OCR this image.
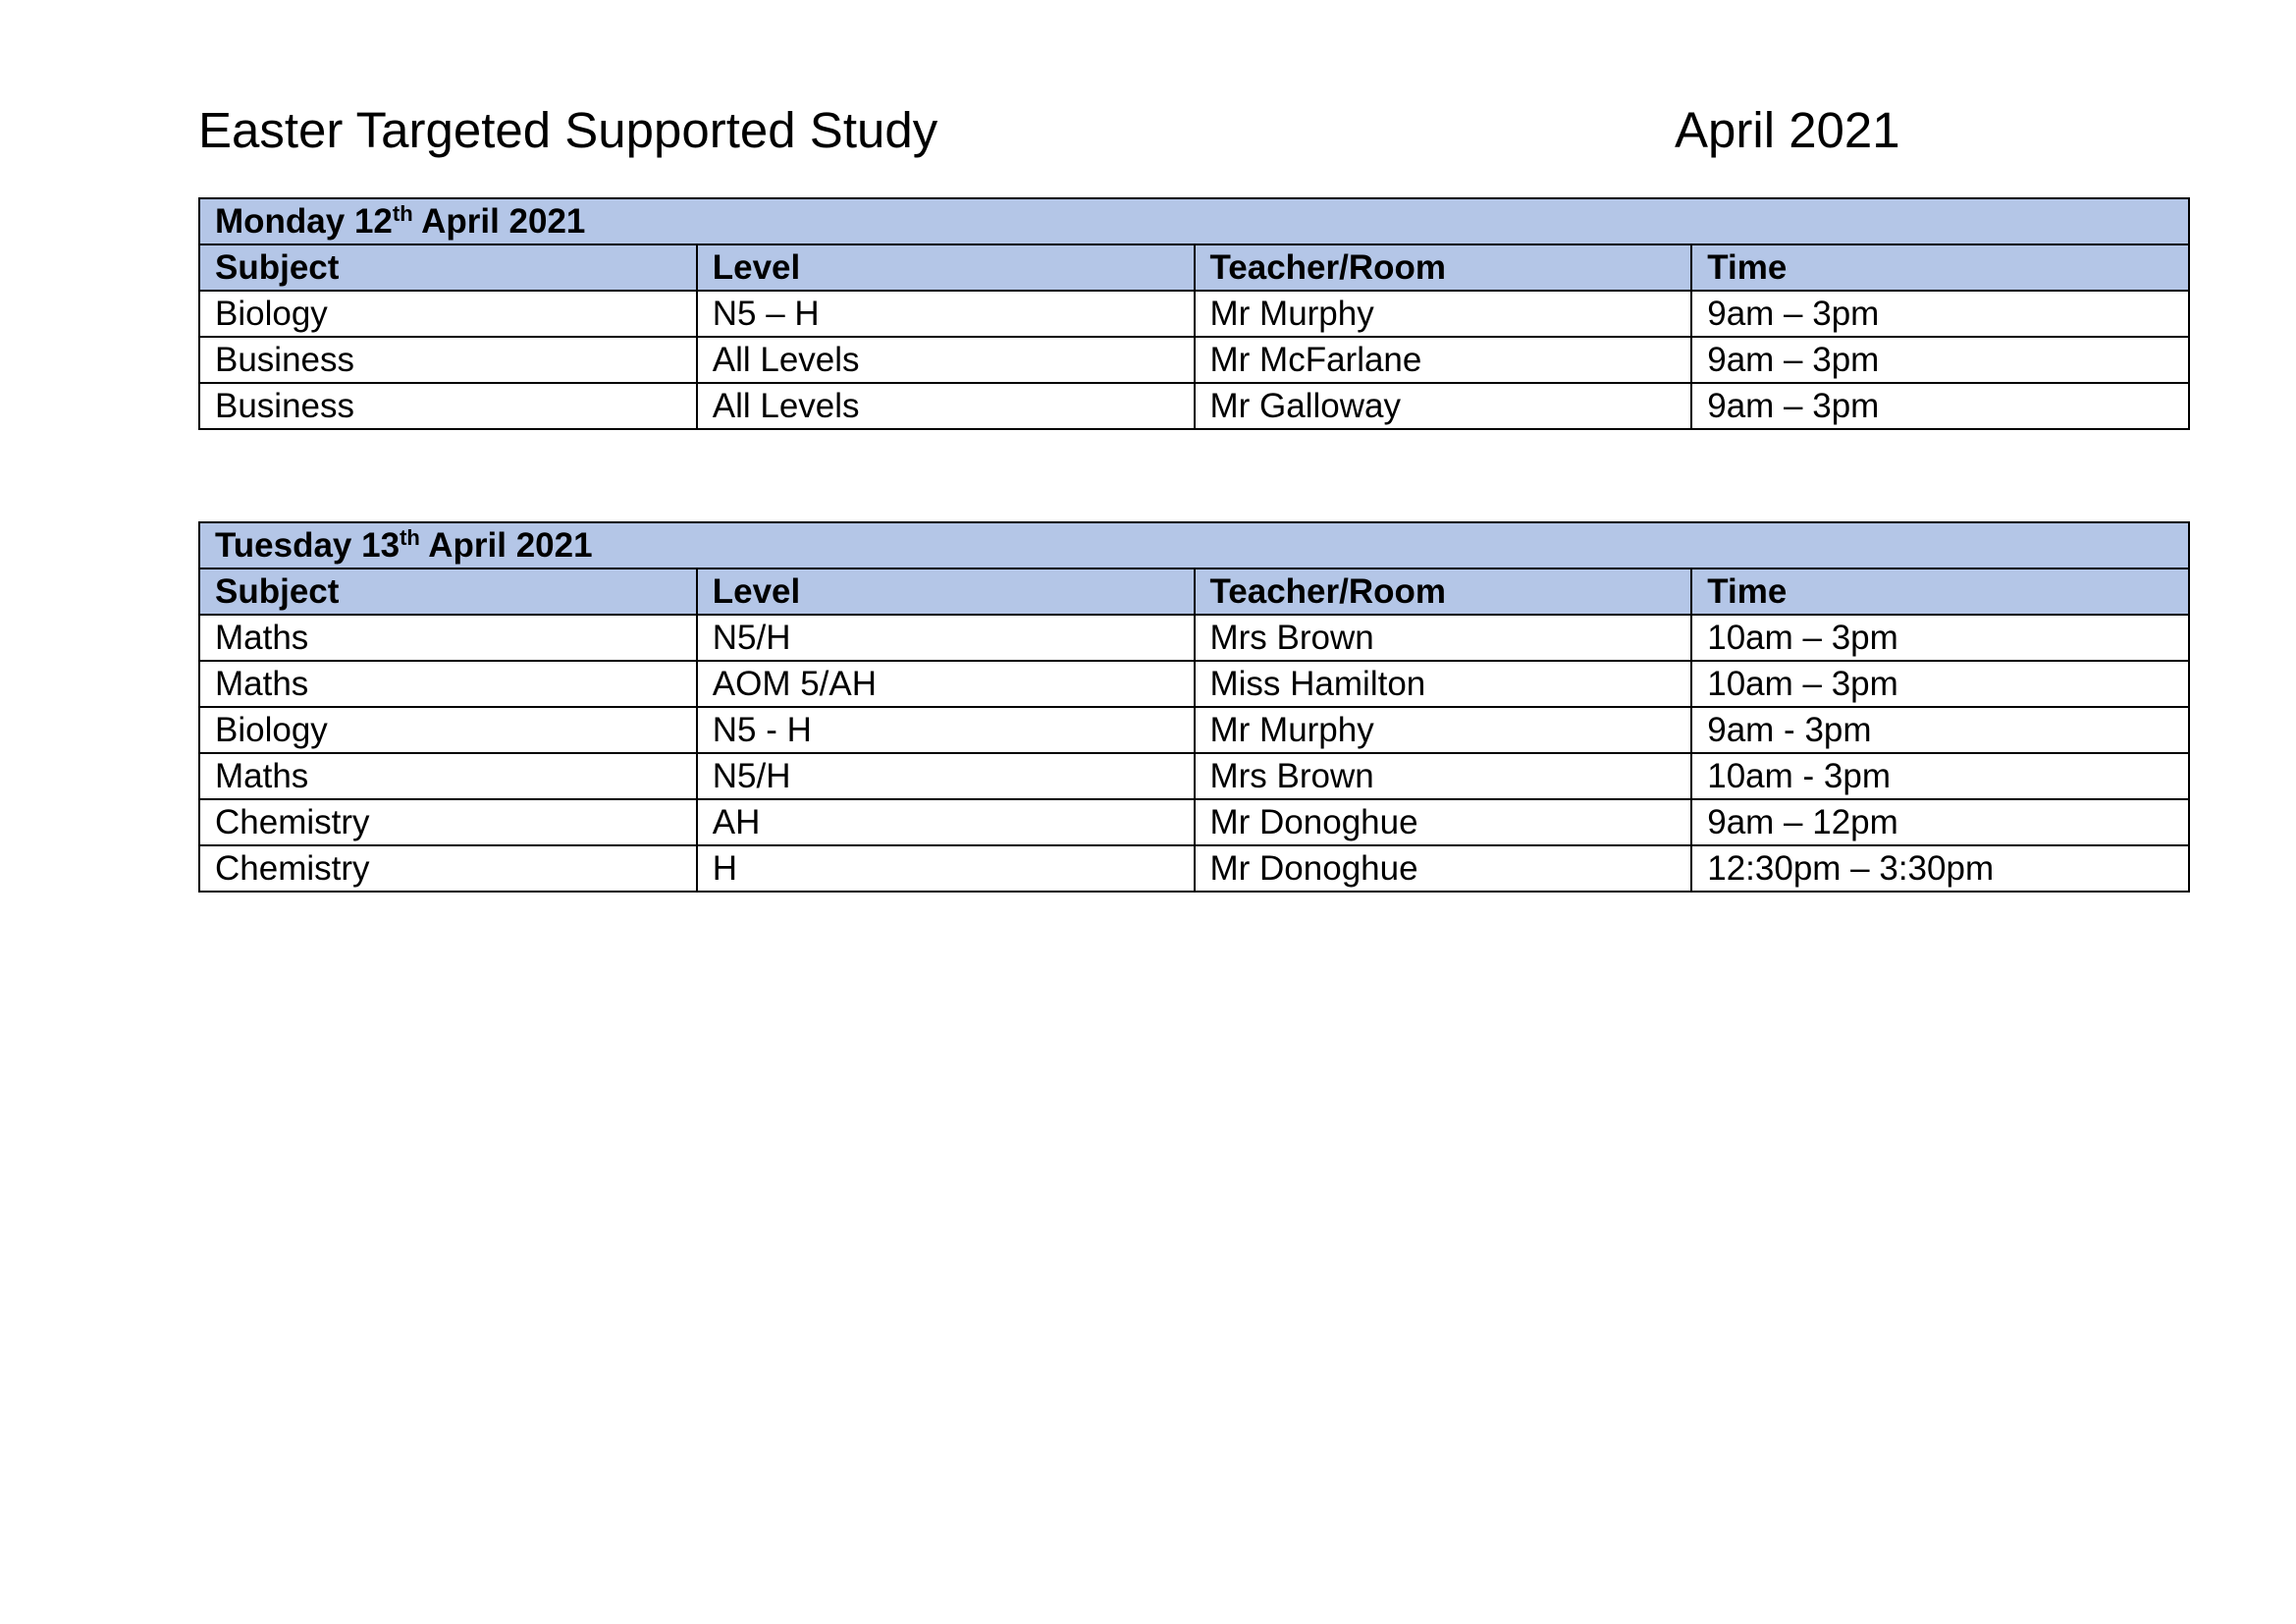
Easter Targeted Supported Study	April 2021
Monday 12th April 2021			
Subject	Level	Teacher/Room	Time
Biology	N5 – H	Mr Murphy	9am – 3pm
Business	All Levels	Mr McFarlane	9am – 3pm
Business	All Levels	Mr Galloway	9am – 3pm
Tuesday 13th April 2021			
Subject	Level	Teacher/Room	Time
Maths	N5/H	Mrs Brown	10am – 3pm
Maths	AOM 5/AH	Miss Hamilton	10am – 3pm
Biology	N5 - H	Mr Murphy	9am - 3pm
Maths	N5/H	Mrs Brown	10am - 3pm
Chemistry	AH	Mr Donoghue	9am – 12pm
Chemistry	H	Mr Donoghue	12:30pm – 3:30pm
